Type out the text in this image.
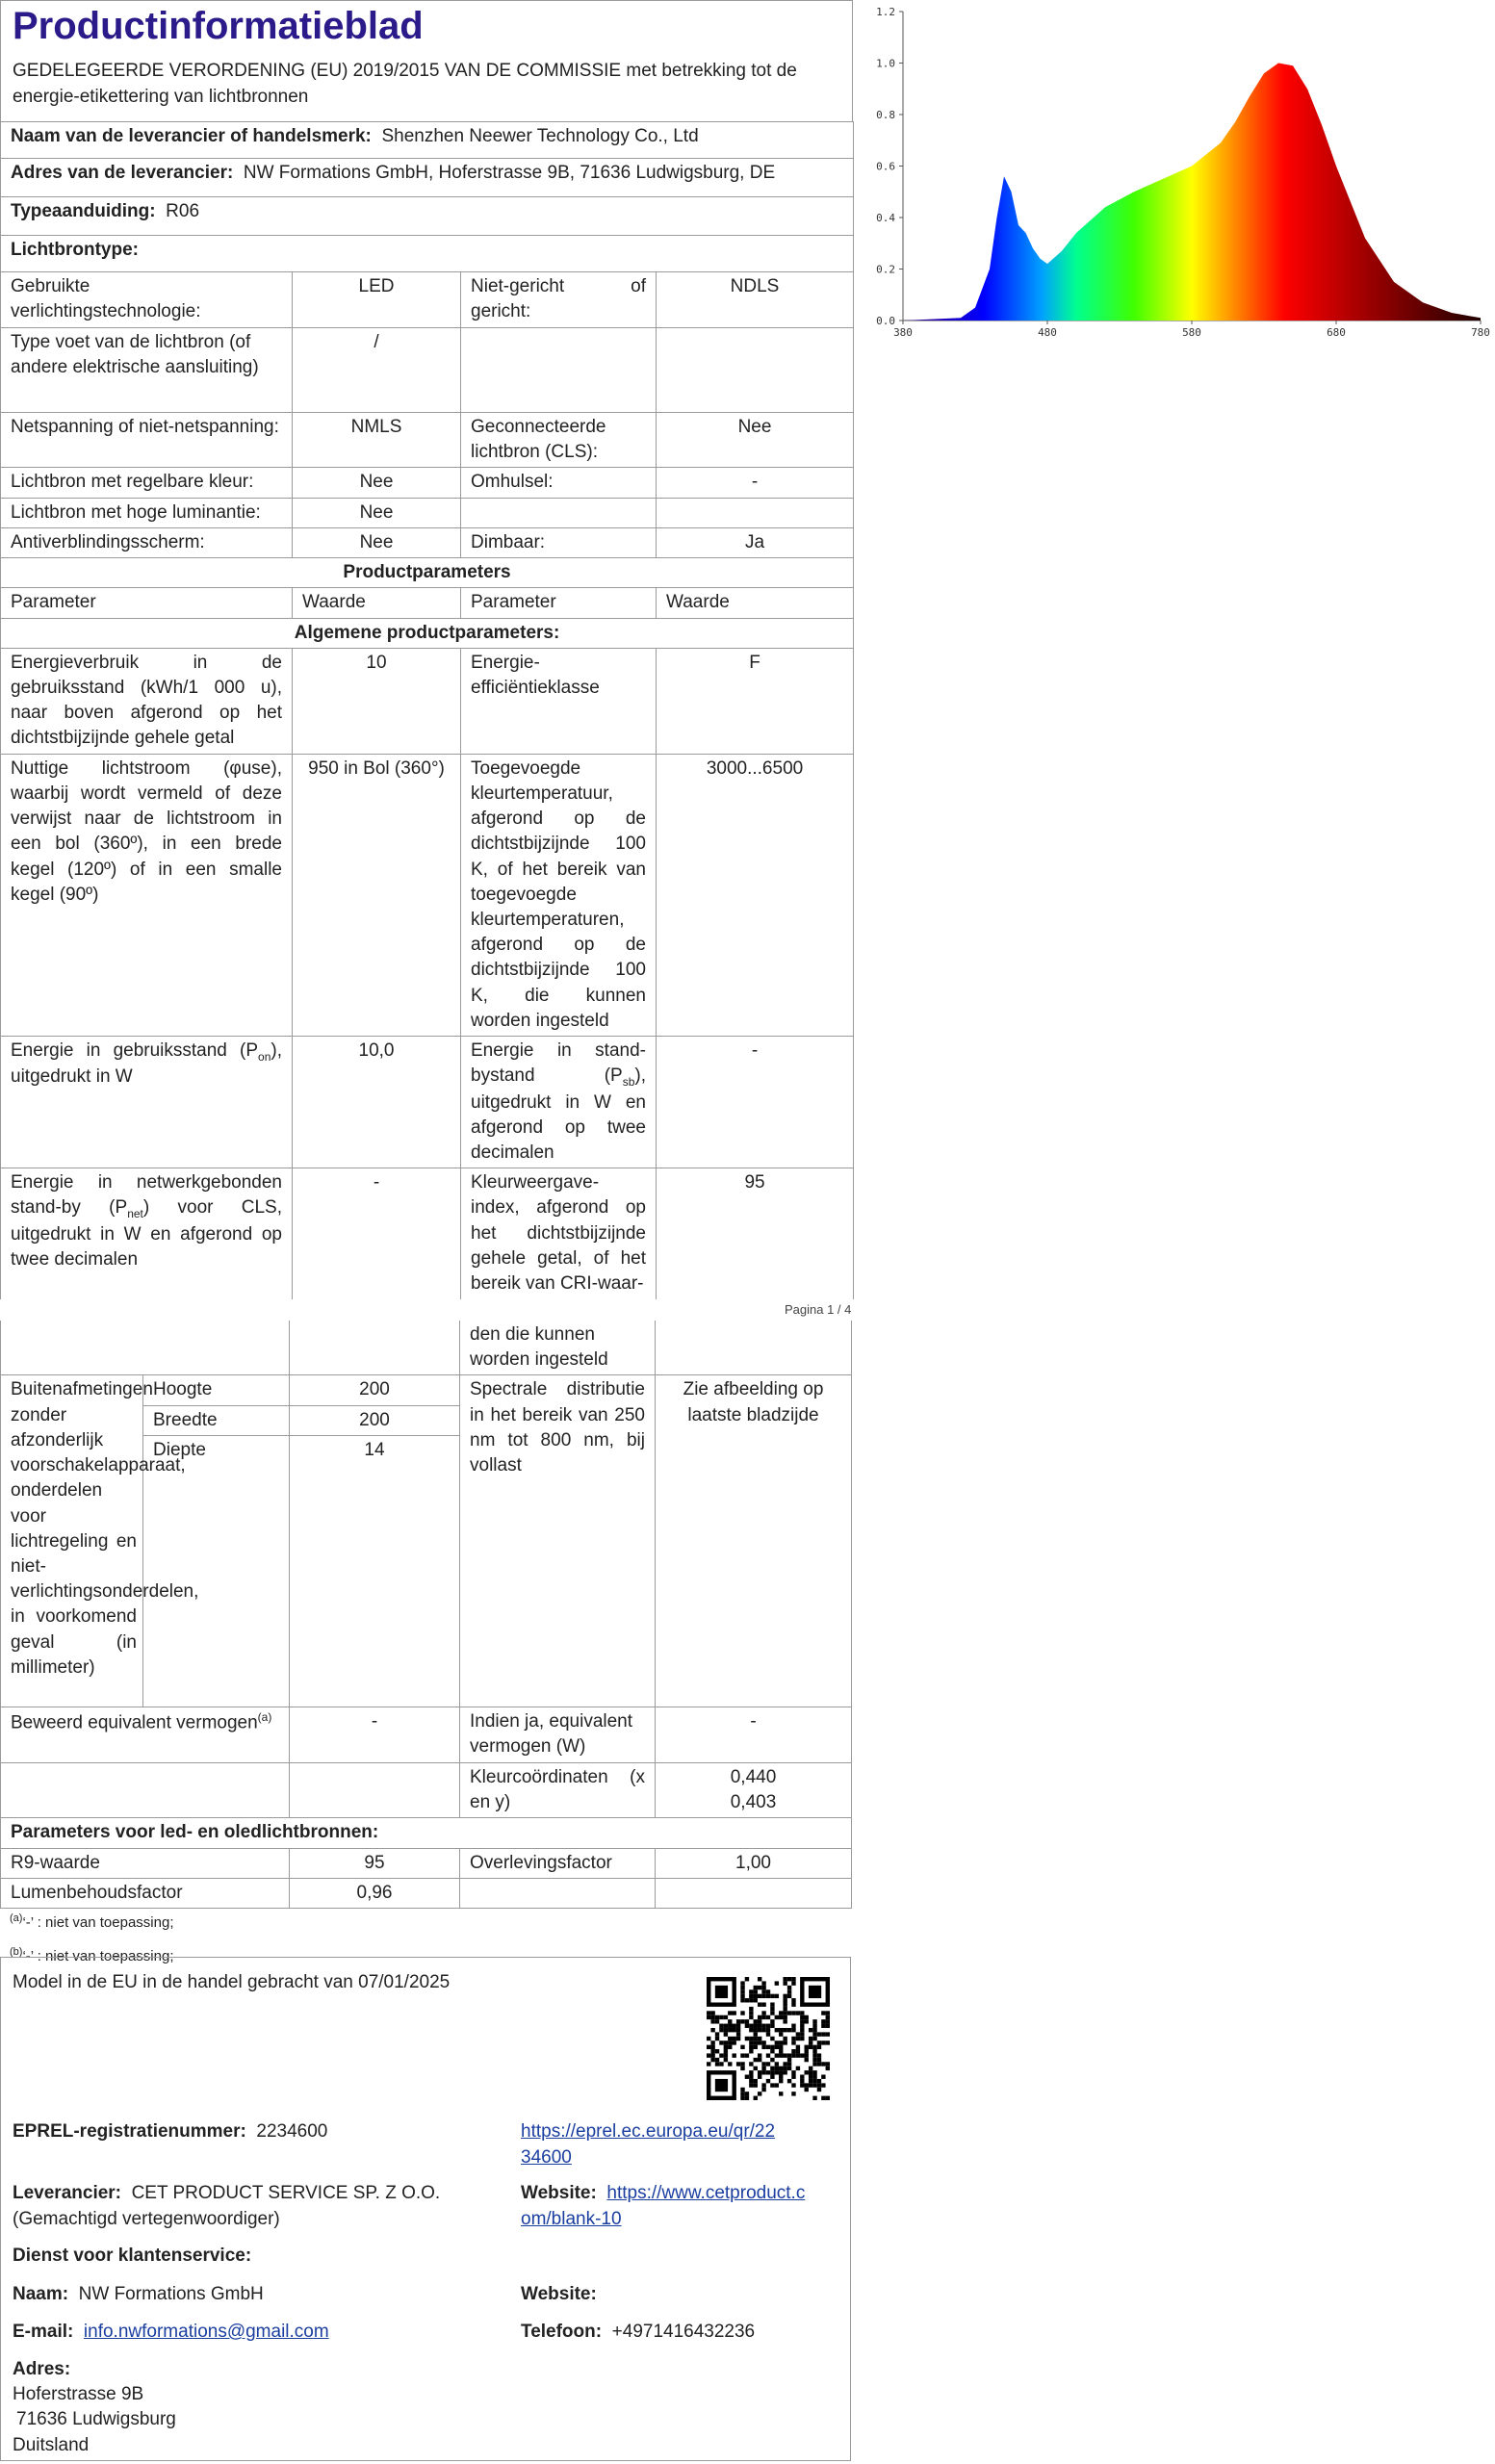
Productinformatieblad
GEDELEGEERDE VERORDENING (EU) 2019/2015 VAN DE COMMISSIE met betrekking tot de energie-etikettering van lichtbronnen
Naam van de leverancier of handelsmerk: Shenzhen Neewer Technology Co., Ltd			
Adres van de leverancier: NW Formations GmbH, Hoferstrasse 9B, 71636 Ludwigsburg, DE			
Typeaanduiding: R06			
Lichtbrontype:			
Gebruikte verlichtingstechnologie:	LED	Niet-gericht of gericht:	NDLS
Type voet van de lichtbron (of andere elektrische aansluiting)	/		
Netspanning of niet-netspanning:	NMLS	Geconnecteerde lichtbron (CLS):	Nee
Lichtbron met regelbare kleur:	Nee	Omhulsel:	-
Lichtbron met hoge luminantie:	Nee		
Antiverblindingsscherm:	Nee	Dimbaar:	Ja
Productparameters			
Parameter	Waarde	Parameter	Waarde
Algemene productparameters:			
Energieverbruik in de gebruiksstand (kWh/1 000 u), naar boven afgerond op het dichtstbijzijnde gehele getal	10	Energie-efficiëntieklasse	F
Nuttige lichtstroom (φuse), waarbij wordt vermeld of deze verwijst naar de lichtstroom in een bol (360º), in een brede kegel (120º) of in een smalle kegel (90º)	950 in Bol (360°)	Toegevoegde kleurtemperatuur, afgerond op de dichtstbijzijnde 100 K, of het bereik van toegevoegde kleurtemperaturen, afgerond op de dichtstbijzijnde 100 K, die kunnen worden ingesteld	3000...6500
Energie in gebruiksstand $(P_{on})$, uitgedrukt in W	10,0	Energie in stand-bystand $(P_{sb})$, uitgedrukt in W en afgerond op twee decimalen	-
Energie in netwerkgebonden stand-by $(P_{net})$ voor CLS, uitgedrukt in W en afgerond op twee decimalen	-	Kleurweergave-index, afgerond op het dichtstbijzijnde gehele getal, of het bereik van CRI-waar-	95
0.0
0.2
0.4
0.6
0.8
1.0
1.2
380	480	580	680	780
Pagina 1 / 4
			den die kunnen worden ingesteld	
Buitenafmetingen zonder afzonderlijk voorschakelapparaat, onderdelen voor lichtregeling en niet-verlichtingsonderdelen, in voorkomend geval (in millimeter)	Hoogte	200	Spectrale distributie in het bereik van 250 nm tot 800 nm, bij vollast	Zie afbeelding op laatste bladzijde
	Breedte	200		
	Diepte	14		
Beweerd equivalent vermogen$^{(a)}$		-	Indien ja, equivalent vermogen (W)	-
			Kleurcoördinaten (x en y)	0,440
0,403

Parameters voor led- en oledlichtbronnen:				
R9-waarde		95	Overlevingsfactor	1,00
Lumenbehoudsfactor		0,96		
$^{(a)}$‘-’ : niet van toepassing;
$^{(b)}$‘-’ : niet van toepassing;
Model in de EU in de handel gebracht van 07/01/2025
EPREL-registratienummer: 2234600	https://eprel.ec.europa.eu/qr/22
34600
Leverancier: CET PRODUCT SERVICE SP. Z O.O. (Gemachtigd vertegenwoordiger)
Website: https://www.cetproduct.c
om/blank-10
Dienst voor klantenservice:
Naam: NW Formations GmbH	Website:
E-mail: info.nwformations@gmail.com	Telefoon: +4971416432236
Adres:
Hoferstrasse 9B
71636 Ludwigsburg
Duitsland
